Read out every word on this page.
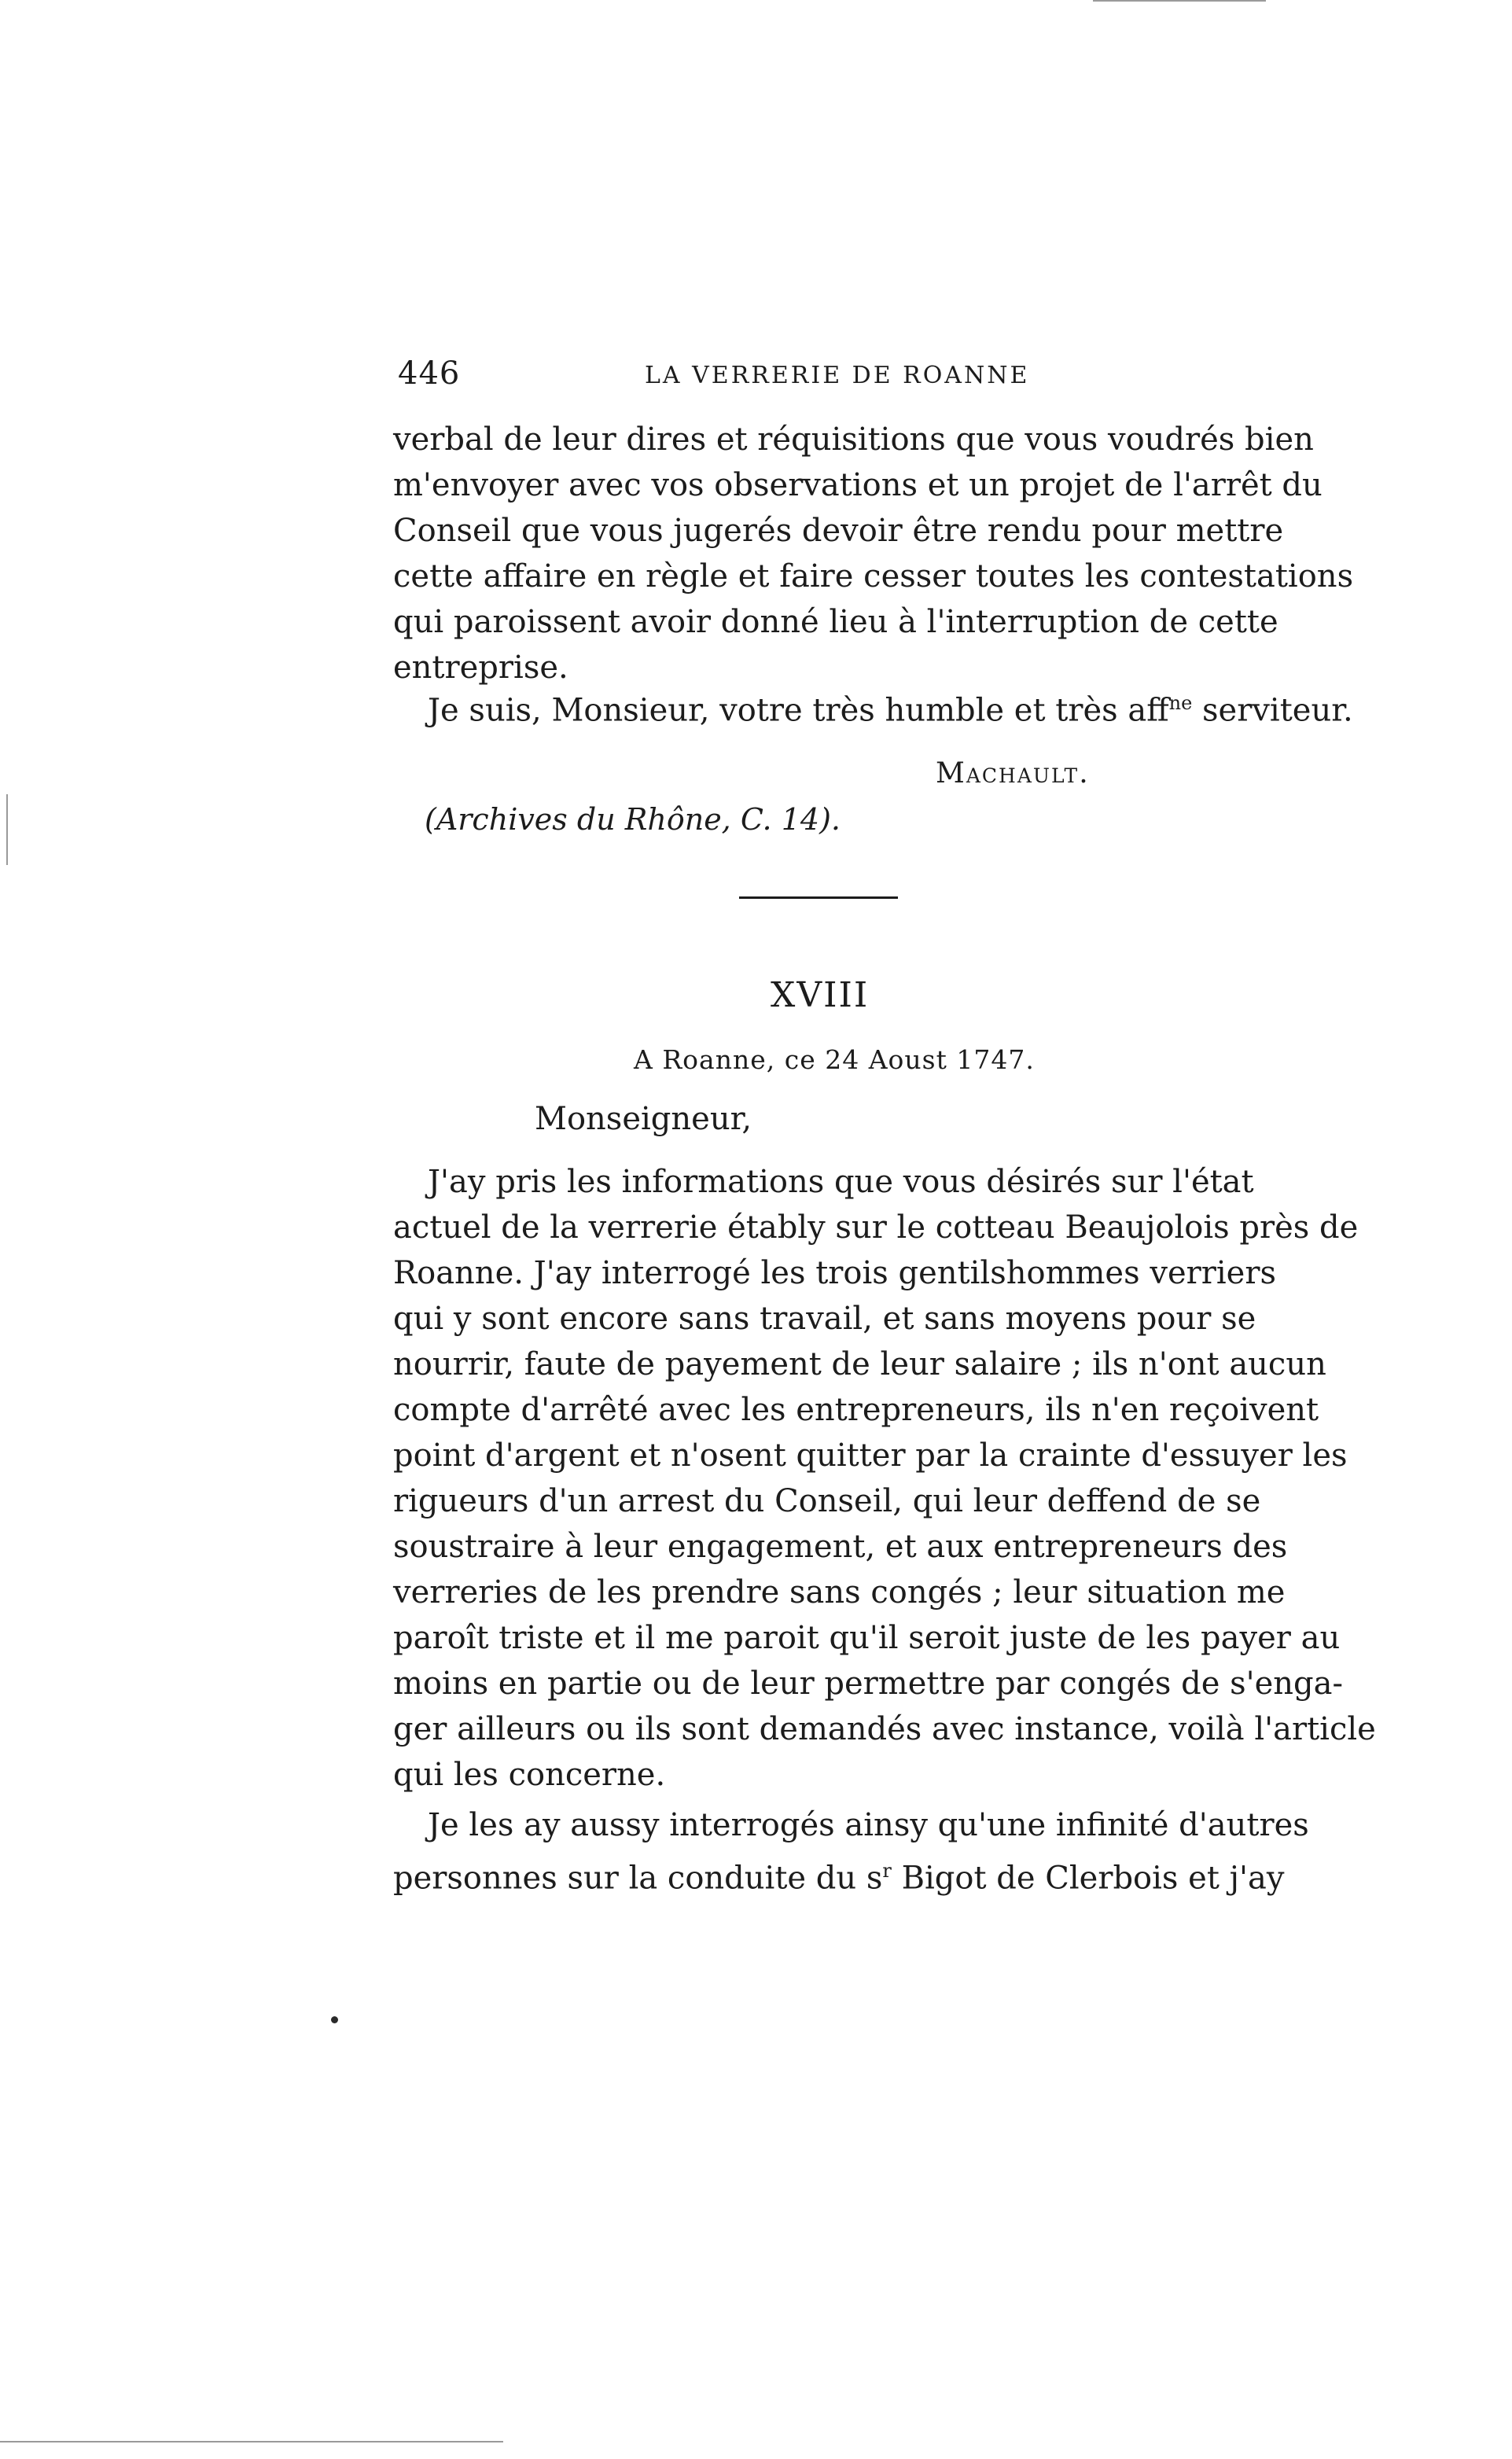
446	LA VERRERIE DE ROANNE
verbal de leur dires et réquisitions que vous voudrés bien
m'envoyer avec vos observations et un projet de l'arrêt du
Conseil que vous jugerés devoir être rendu pour mettre
cette affaire en règle et faire cesser toutes les contestations
qui paroissent avoir donné lieu à l'interruption de cette
entreprise.
Je suis, Monsieur, votre très humble et très aff$^{ne}$ serviteur.
Machault.
(Archives du Rhône, C. 14).
XVIII
A Roanne, ce 24 Aoust 1747.
Monseigneur,
J'ay pris les informations que vous désirés sur l'état
actuel de la verrerie étably sur le cotteau Beaujolois près de
Roanne. J'ay interrogé les trois gentilshommes verriers
qui y sont encore sans travail, et sans moyens pour se
nourrir, faute de payement de leur salaire ; ils n'ont aucun
compte d'arrêté avec les entrepreneurs, ils n'en reçoivent
point d'argent et n'osent quitter par la crainte d'essuyer les
rigueurs d'un arrest du Conseil, qui leur deffend de se
soustraire à leur engagement, et aux entrepreneurs des
verreries de les prendre sans congés ; leur situation me
paroît triste et il me paroit qu'il seroit juste de les payer au
moins en partie ou de leur permettre par congés de s'enga-
ger ailleurs ou ils sont demandés avec instance, voilà l'article
qui les concerne.
Je les ay aussy interrogés ainsy qu'une infinité d'autres
personnes sur la conduite du $s^r$ Bigot de Clerbois et j'ay
